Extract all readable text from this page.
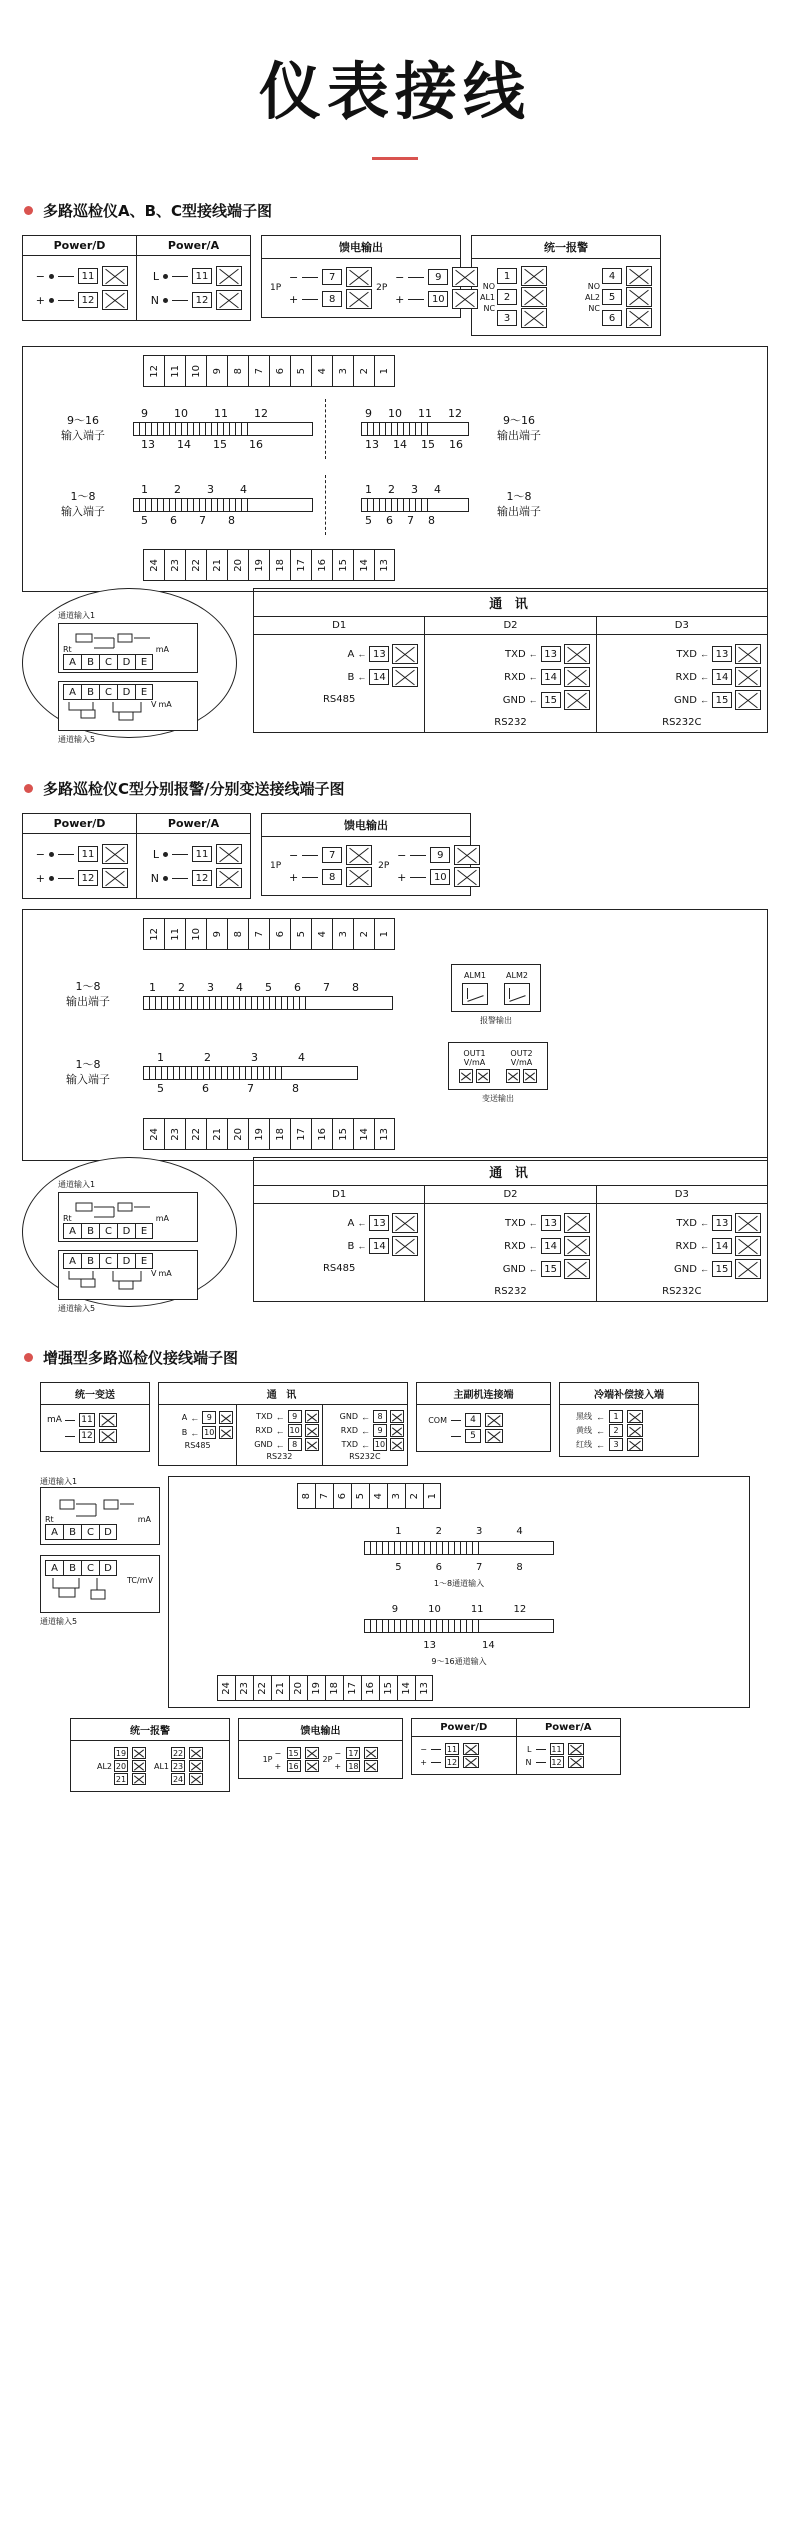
仪表接线
多路巡检仪A、B、C型接线端子图
Power/D
−	11
+	12
Power/A
L	11
N	12
馈电输出
1P
−	7
+	8
2P
−	9
+	10
统一报警
NO
AL1
NC
1
2
3
NO
AL2
NC
4
5
6
12 11 10 9 8 7 6 5 4 3 2 1
9～16
输入端子
9 10 11 12
13 14 15 16
9 10 11 12
13 14 15 16
9～16
输出端子
1～8
输入端子
1 2 3 4
5 6 7 8
1 2 3 4
5 6 7 8
1～8
输出端子
24 23 22 21 20 19 18 17 16 15 14 13
通道输入1
Rt	mA
A	B	C	D	E
A	B	C	D	E
V mA
通道输入5
通 讯
D1
A ← 13
B ← 14
RS485
D2
TXD ← 13
RXD ← 14
GND ← 15
RS232
D3
TXD ← 13
RXD ← 14
GND ← 15
RS232C
多路巡检仪C型分别报警/分别变送接线端子图
Power/D
−	11
+	12
Power/A
L	11
N	12
馈电输出
1P
−	7
+	8
2P
−	9
+	10
12 11 10 9 8 7 6 5 4 3 2 1
1～8
输出端子
1 2 3 4 5 6 7 8
ALM1	ALM2
报警输出
1～8
输入端子
1	2	3	4
5	6	7	8
OUT1
V/mA
OUT2
V/mA
变送输出
24 23 22 21 20 19 18 17 16 15 14 13
通道输入1
Rt	mA
A	B	C	D	E
A	B	C	D	E
V mA
通道输入5
通 讯
D1
A ← 13
B ← 14
RS485
D2
TXD ← 13
RXD ← 14
GND ← 15
RS232
D3
TXD ← 13
RXD ← 14
GND ← 15
RS232C
增强型多路巡检仪接线端子图
统一变送
mA 11
12
通 讯
A ← 9
B ← 10
RS485
TXD ← 9
RXD ← 10
GND ← 8
RS232
GND ← 8
RXD ← 9
TXD ← 10
RS232C
主副机连接端
COM	4
5
冷端补偿接入端
黑线 ←	1
黄线 ←	2
红线 ←	3
通道输入1
Rt	mA
A	B	C	D
A	B	C	D
TC/mV
通道输入5
8 7 6 5 4 3 2 1
1	2	3	4
5	6	7	8
1～8通道输入
9	10	11	12
13	14
9～16通道输入
24 23 22 21 20 19 18 17 16 15 14 13
统一报警
AL2
19
20
21
AL1
22
23
24
馈电输出
1P
− 15
+ 16
2P
− 17
+ 18
Power/D
− 11
+ 12
Power/A
L 11
N 12
